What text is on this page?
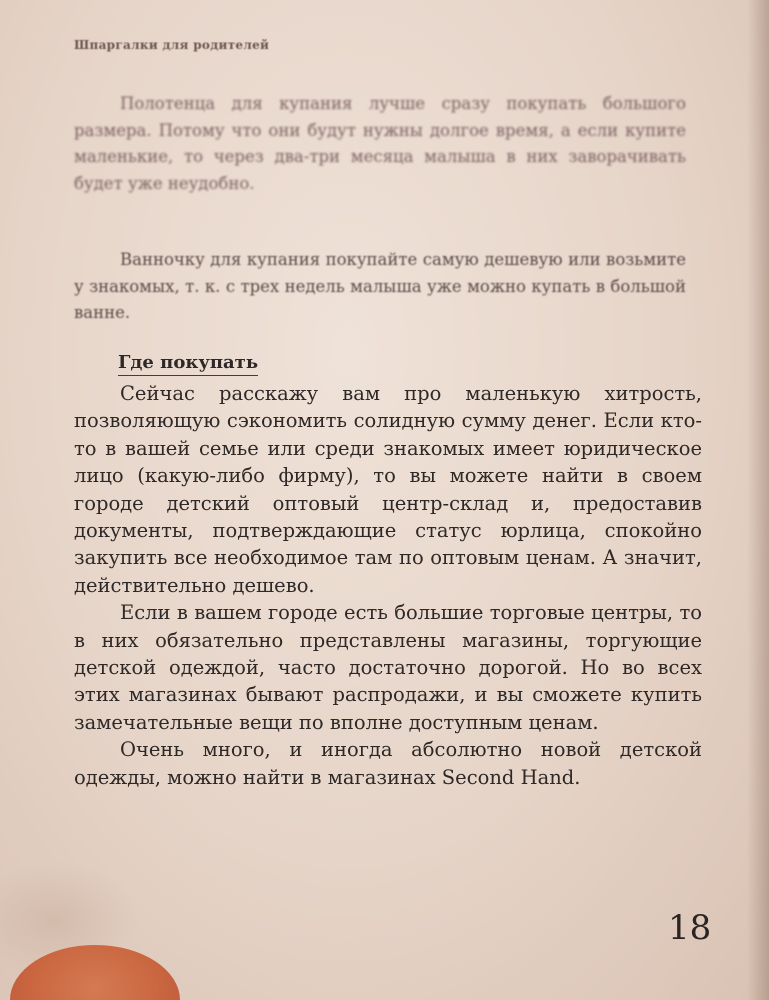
Шпаргалки для родителей

Полотенца для купания лучше сразу покупать большого размера. Потому что они будут нужны долгое время, а если купите маленькие, то через два-три месяца малыша в них заворачивать будет уже неудобно.

Ванночку для купания покупайте самую дешевую или возьмите у знакомых, т. к. с трех недель малыша уже можно купать в большой ванне.

Где покупать

Сейчас расскажу вам про маленькую хитрость, позволяющую сэкономить солидную сумму денег. Если кто-то в вашей семье или среди знакомых имеет юридическое лицо (какую-либо фирму), то вы можете найти в своем городе детский оптовый центр-склад и, предоставив документы, подтверждающие статус юрлица, спокойно закупить все необходимое там по оптовым ценам. А значит, действительно дешево.

Если в вашем городе есть большие торговые центры, то в них обязательно представлены магазины, торгующие детской одеждой, часто достаточно дорогой. Но во всех этих магазинах бывают распродажи, и вы сможете купить замечательные вещи по вполне доступным ценам.

Очень много, и иногда абсолютно новой детской одежды, можно найти в магазинах Second Hand.

18
